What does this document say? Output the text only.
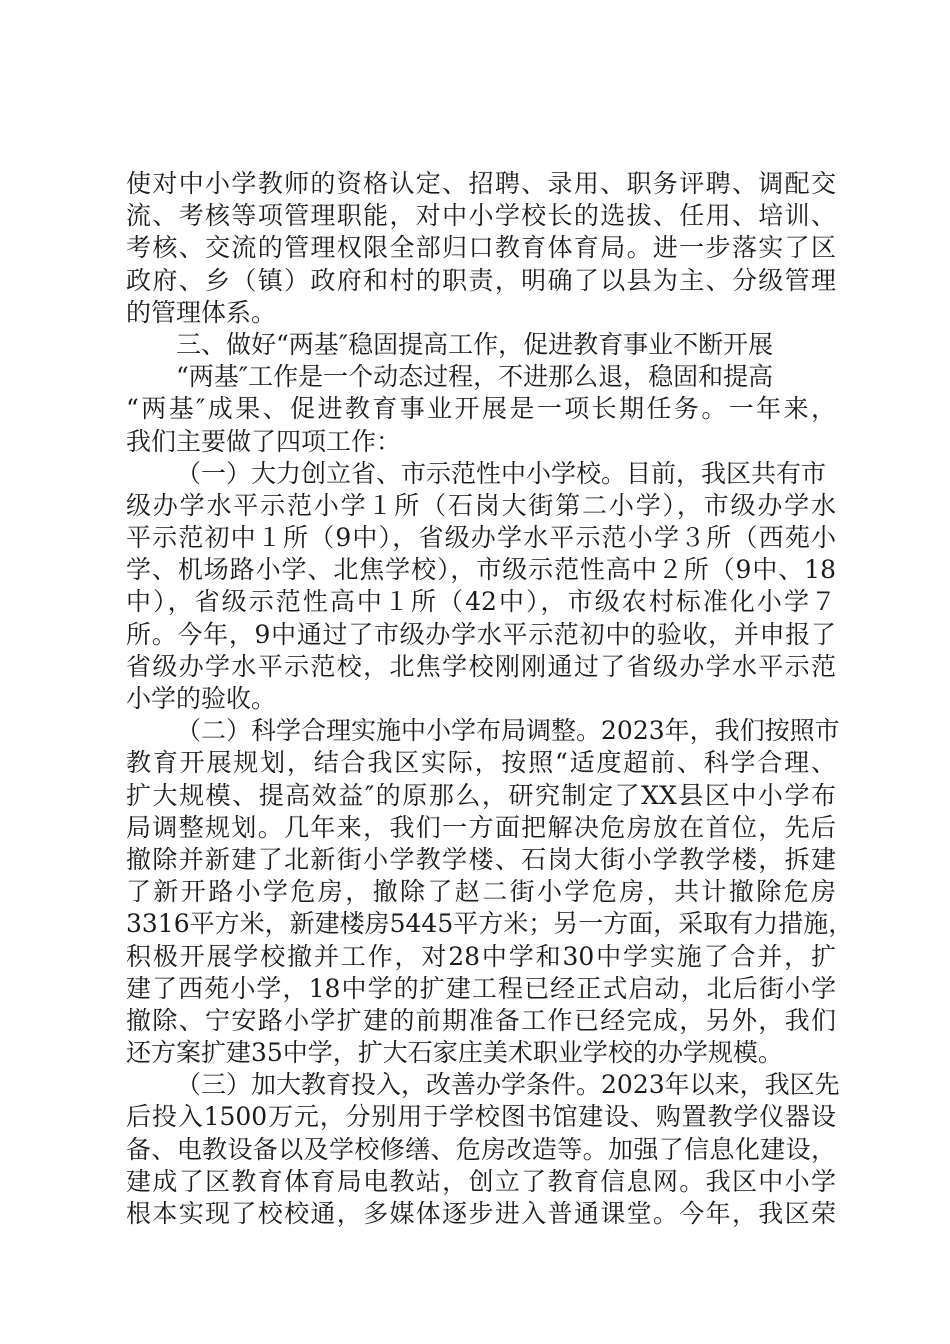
使对中小学教师的资格认定、招聘、录用、职务评聘、调配交
流、考核等项管理职能，对中小学校长的选拔、任用、培训、
考核、交流的管理权限全部归口教育体育局。进一步落实了区
政府、乡（镇）政府和村的职责，明确了以县为主、分级管理
的管理体系。
三、做好“两基″稳固提高工作，促进教育事业不断开展
“两基″工作是一个动态过程，不进那么退，稳固和提高
“两基″成果、促进教育事业开展是一项长期任务。一年来，
我们主要做了四项工作：
（一）大力创立省、市示范性中小学校。目前，我区共有市
级办学水平示范小学１所（石岗大街第二小学），市级办学水
平示范初中１所（9中），省级办学水平示范小学３所（西苑小
学、机场路小学、北焦学校），市级示范性高中２所（9中、18
中），省级示范性高中１所（42中），市级农村标准化小学７
所。今年，9中通过了市级办学水平示范初中的验收，并申报了
省级办学水平示范校，北焦学校刚刚通过了省级办学水平示范
小学的验收。
（二）科学合理实施中小学布局调整。2023年，我们按照市
教育开展规划，结合我区实际，按照“适度超前、科学合理、
扩大规模、提高效益″的原那么，研究制定了XX县区中小学布
局调整规划。几年来，我们一方面把解决危房放在首位，先后
撤除并新建了北新街小学教学楼、石岗大街小学教学楼，拆建
了新开路小学危房，撤除了赵二街小学危房，共计撤除危房
3316平方米，新建楼房5445平方米；另一方面，采取有力措施，
积极开展学校撤并工作，对28中学和30中学实施了合并，扩
建了西苑小学，18中学的扩建工程已经正式启动，北后街小学
撤除、宁安路小学扩建的前期准备工作已经完成，另外，我们
还方案扩建35中学，扩大石家庄美术职业学校的办学规模。
（三）加大教育投入，改善办学条件。2023年以来，我区先
后投入1500万元，分别用于学校图书馆建设、购置教学仪器设
备、电教设备以及学校修缮、危房改造等。加强了信息化建设，
建成了区教育体育局电教站，创立了教育信息网。我区中小学
根本实现了校校通，多媒体逐步进入普通课堂。今年，我区荣
